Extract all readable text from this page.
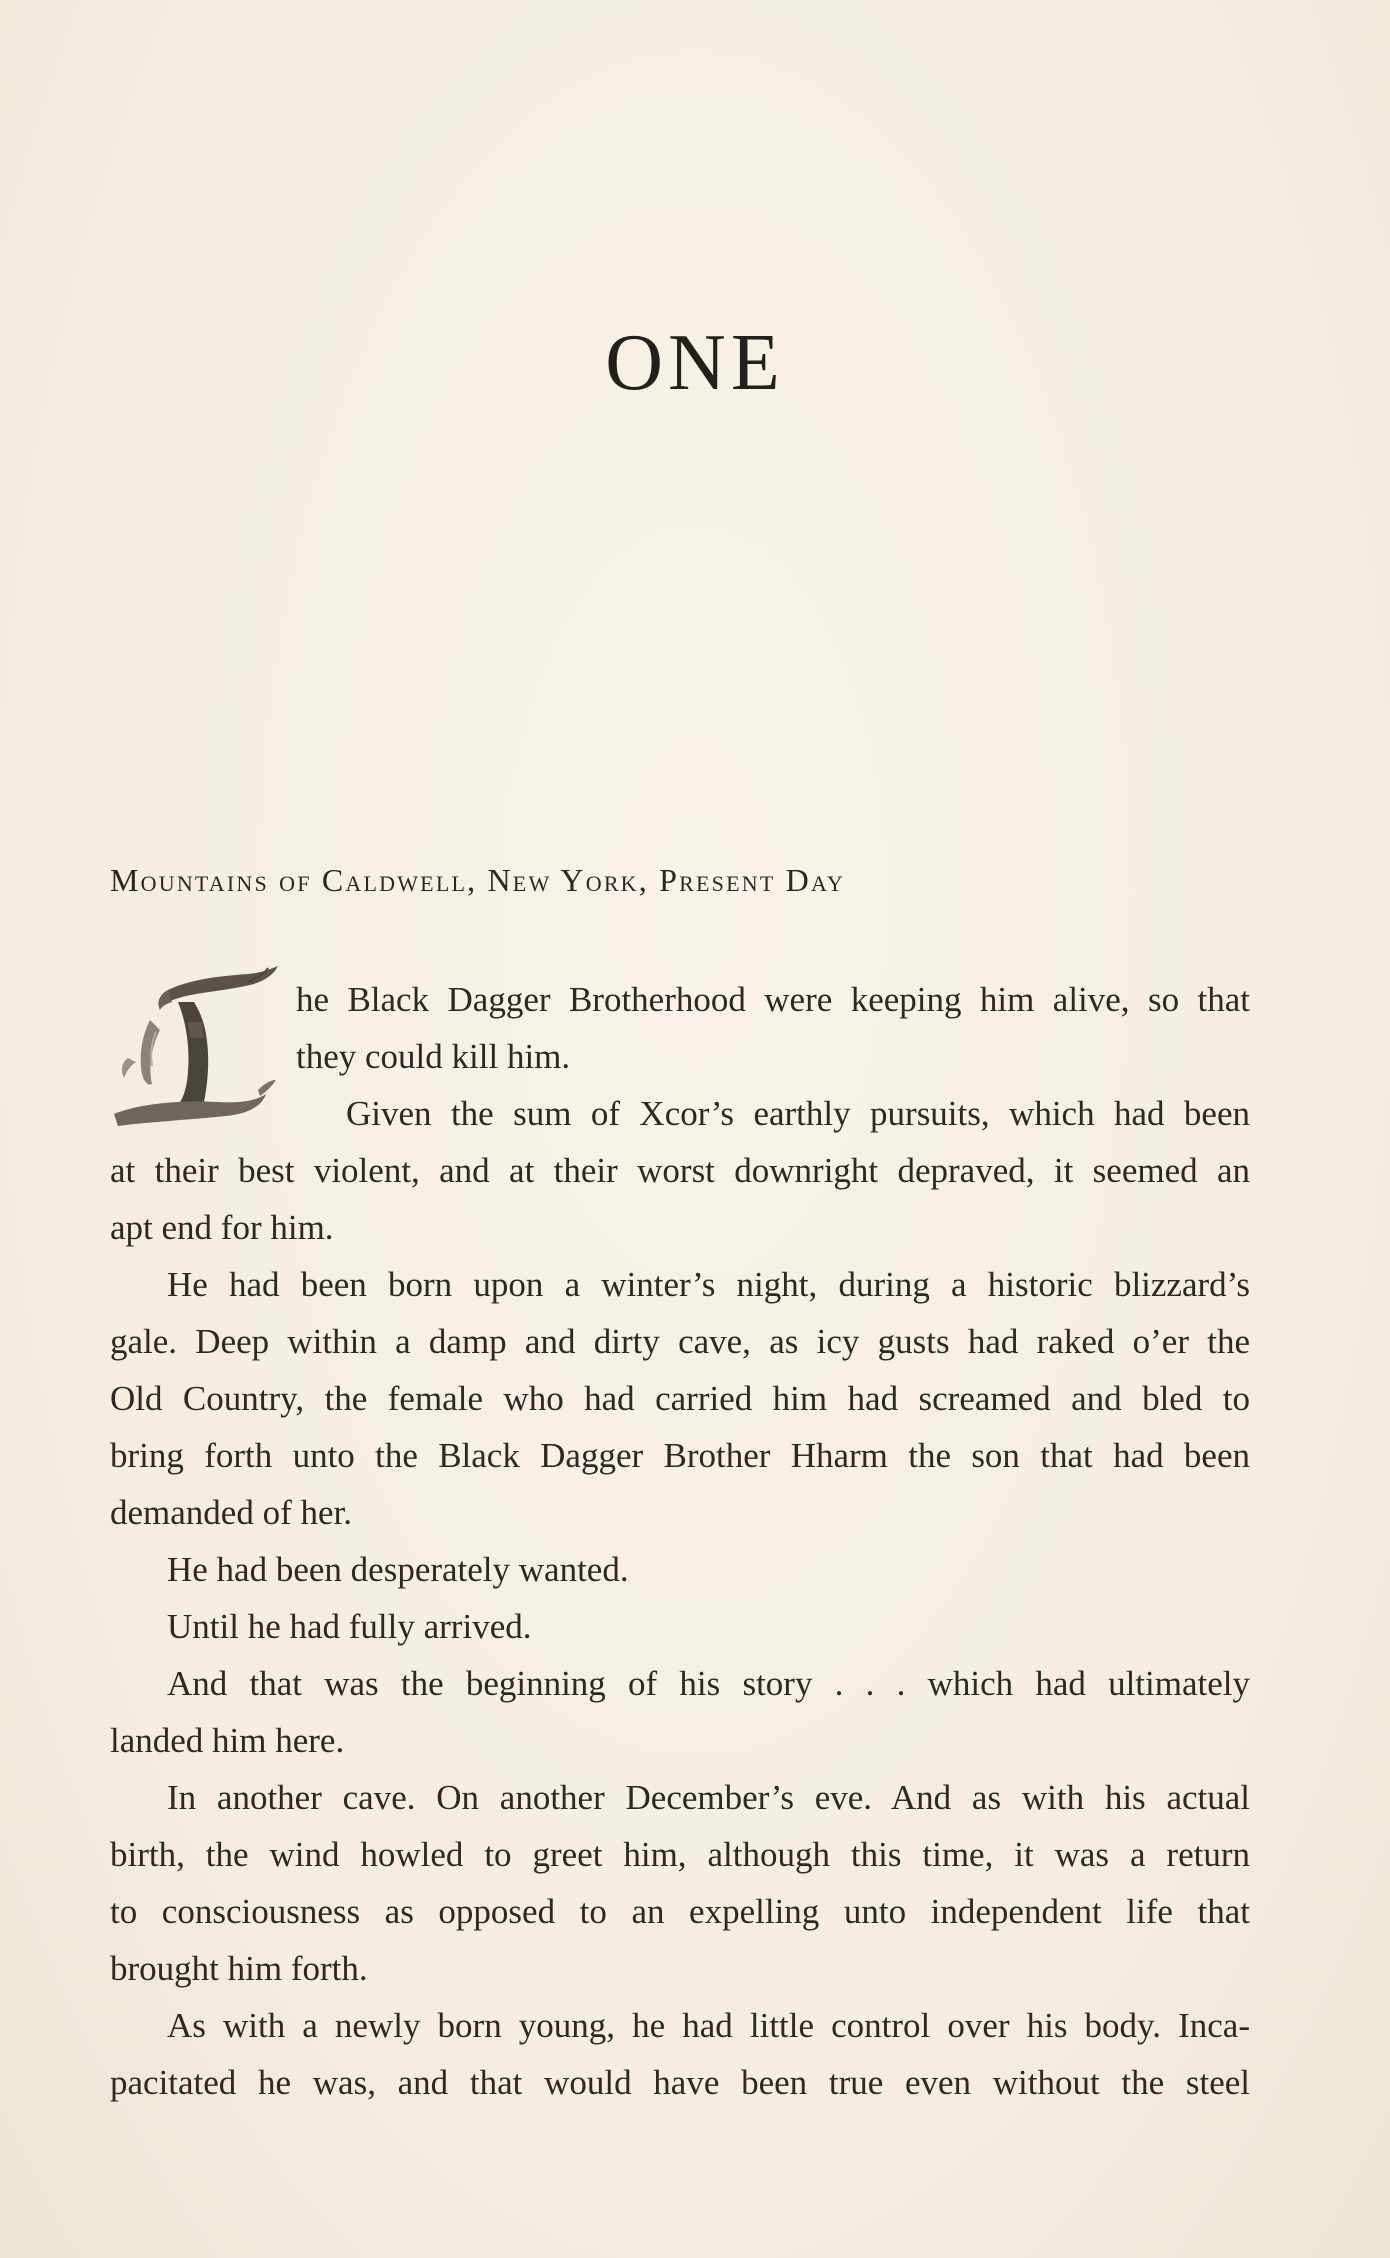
ONE

Mountains of Caldwell, New York, Present Day

he Black Dagger Brotherhood were keeping him alive, so that
they could kill him.
Given the sum of Xcor’s earthly pursuits, which had been
at their best violent, and at their worst downright depraved, it seemed an
apt end for him.
He had been born upon a winter’s night, during a historic blizzard’s
gale. Deep within a damp and dirty cave, as icy gusts had raked o’er the
Old Country, the female who had carried him had screamed and bled to
bring forth unto the Black Dagger Brother Hharm the son that had been
demanded of her.
He had been desperately wanted.
Until he had fully arrived.
And that was the beginning of his story . . . which had ultimately
landed him here.
In another cave. On another December’s eve. And as with his actual
birth, the wind howled to greet him, although this time, it was a return
to consciousness as opposed to an expelling unto independent life that
brought him forth.
As with a newly born young, he had little control over his body. Inca-
pacitated he was, and that would have been true even without the steel
